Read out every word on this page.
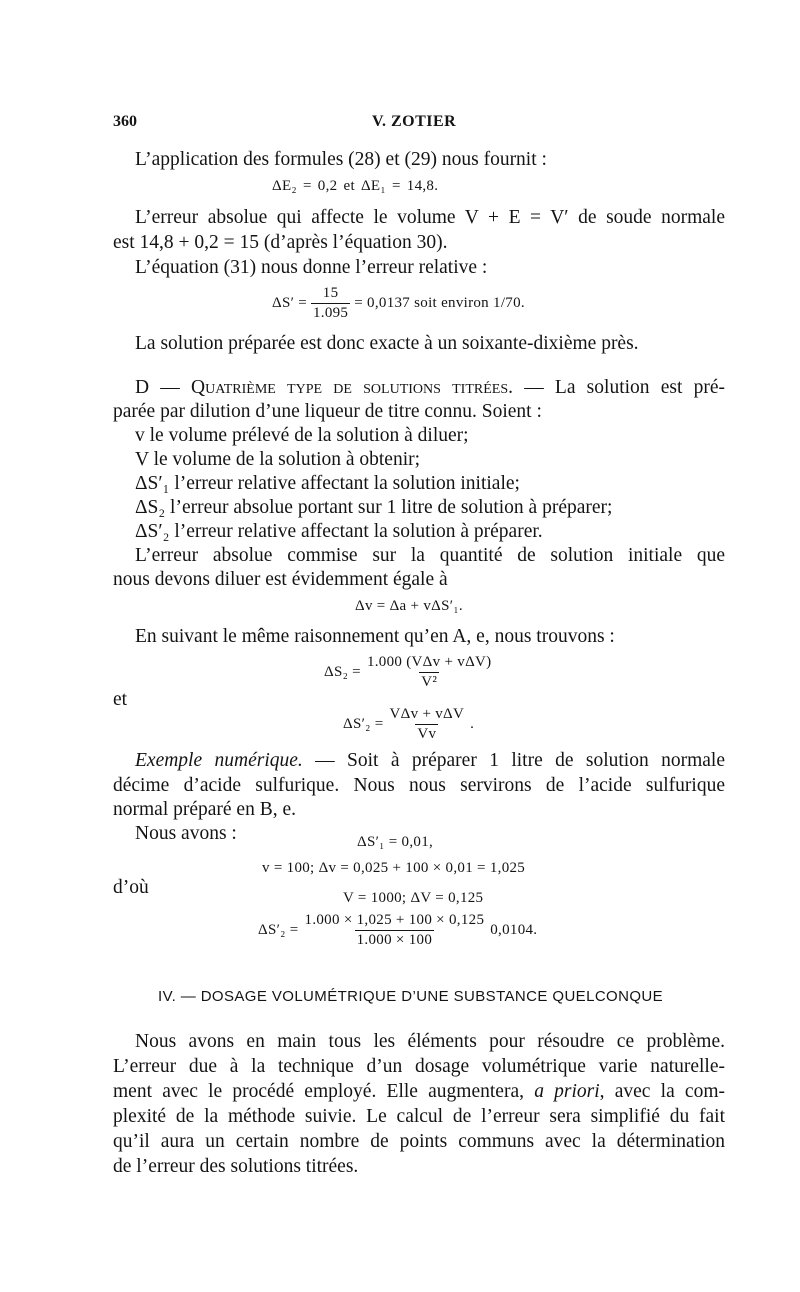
360	V. ZOTIER
L’application des formules (28) et (29) nous fournit :
ΔE₂ = 0,2 et ΔE₁ = 14,8.
L’erreur absolue qui affecte le volume V + E = V′ de soude normale
est 14,8 + 0,2 = 15 (d’après l’équation 30).
L’équation (31) nous donne l’erreur relative :
$\Delta S' = \frac{15}{1.095} = 0,0137$ soit environ 1/70.
La solution préparée est donc exacte à un soixante-dixième près.
D — Quatrième type de solutions titrées. — La solution est pré-
parée par dilution d’une liqueur de titre connu. Soient :
v le volume prélevé de la solution à diluer;
V le volume de la solution à obtenir;
ΔS′₁ l’erreur relative affectant la solution initiale;
ΔS₂ l’erreur absolue portant sur 1 litre de solution à préparer;
ΔS′₂ l’erreur relative affectant la solution à préparer.
L’erreur absolue commise sur la quantité de solution initiale que
nous devons diluer est évidemment égale à
Δv = Δa + vΔS′₁.
En suivant le même raisonnement qu’en A, e, nous trouvons :
$\Delta S_2 = \frac{\text{1.000 (VΔv + vΔV)}}{\text{V²}}$
et
$\Delta S'_2 = \frac{\text{VΔv + vΔV}}{Vv}$ .
Exemple numérique. — Soit à préparer 1 litre de solution normale
décime d’acide sulfurique. Nous nous servirons de l’acide sulfurique
normal préparé en B, e.
Nous avons :	ΔS′₁ = 0,01,
v = 100; Δv = 0,025 + 100 × 0,01 = 1,025
d’où	V = 1000; ΔV = 0,125
$\Delta S'_2 = \frac{1.000 \times 1,025 + 100 \times 0,125}{1.000 \times 100} 0,0104$.
IV. — DOSAGE VOLUMÉTRIQUE D’UNE SUBSTANCE QUELCONQUE
Nous avons en main tous les éléments pour résoudre ce problème.
L’erreur due à la technique d’un dosage volumétrique varie naturelle-
ment avec le procédé employé. Elle augmentera, a priori, avec la com-
plexité de la méthode suivie. Le calcul de l’erreur sera simplifié du fait
qu’il aura un certain nombre de points communs avec la détermination
de l’erreur des solutions titrées.
